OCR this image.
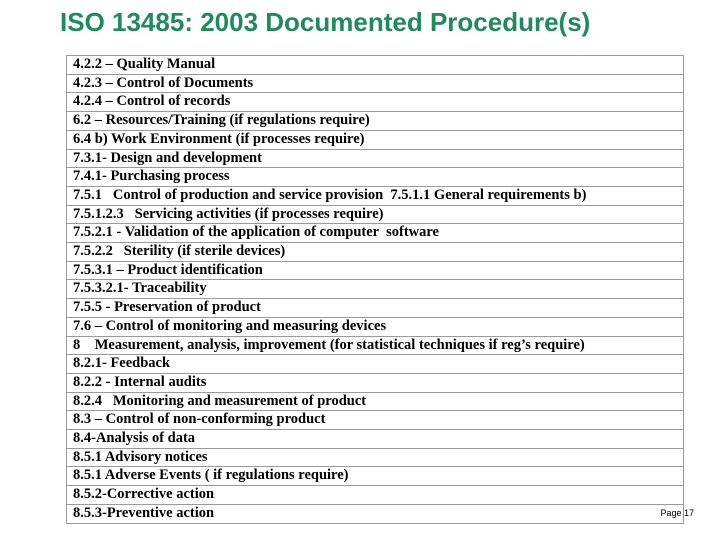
ISO 13485: 2003 Documented Procedure(s)
4.2.2 – Quality Manual

4.2.3 – Control of Documents

4.2.4 – Control of records

6.2 – Resources/Training (if regulations require)

6.4 b) Work Environment (if processes require)

7.3.1- Design and development

7.4.1- Purchasing process

7.5.1   Control of production and service provision  7.5.1.1 General requirements b)

7.5.1.2.3   Servicing activities (if processes require)

7.5.2.1 - Validation of the application of computer  software

7.5.2.2   Sterility (if sterile devices)

7.5.3.1 – Product identification

7.5.3.2.1- Traceability

7.5.5 - Preservation of product

7.6 – Control of monitoring and measuring devices

8    Measurement, analysis, improvement (for statistical techniques if reg’s require)

8.2.1- Feedback

8.2.2 - Internal audits

8.2.4   Monitoring and measurement of product

8.3 – Control of non-conforming product

8.4-Analysis of data

8.5.1 Advisory notices

8.5.1 Adverse Events ( if regulations require)

8.5.2-Corrective action

8.5.3-Preventive action	Page 17
